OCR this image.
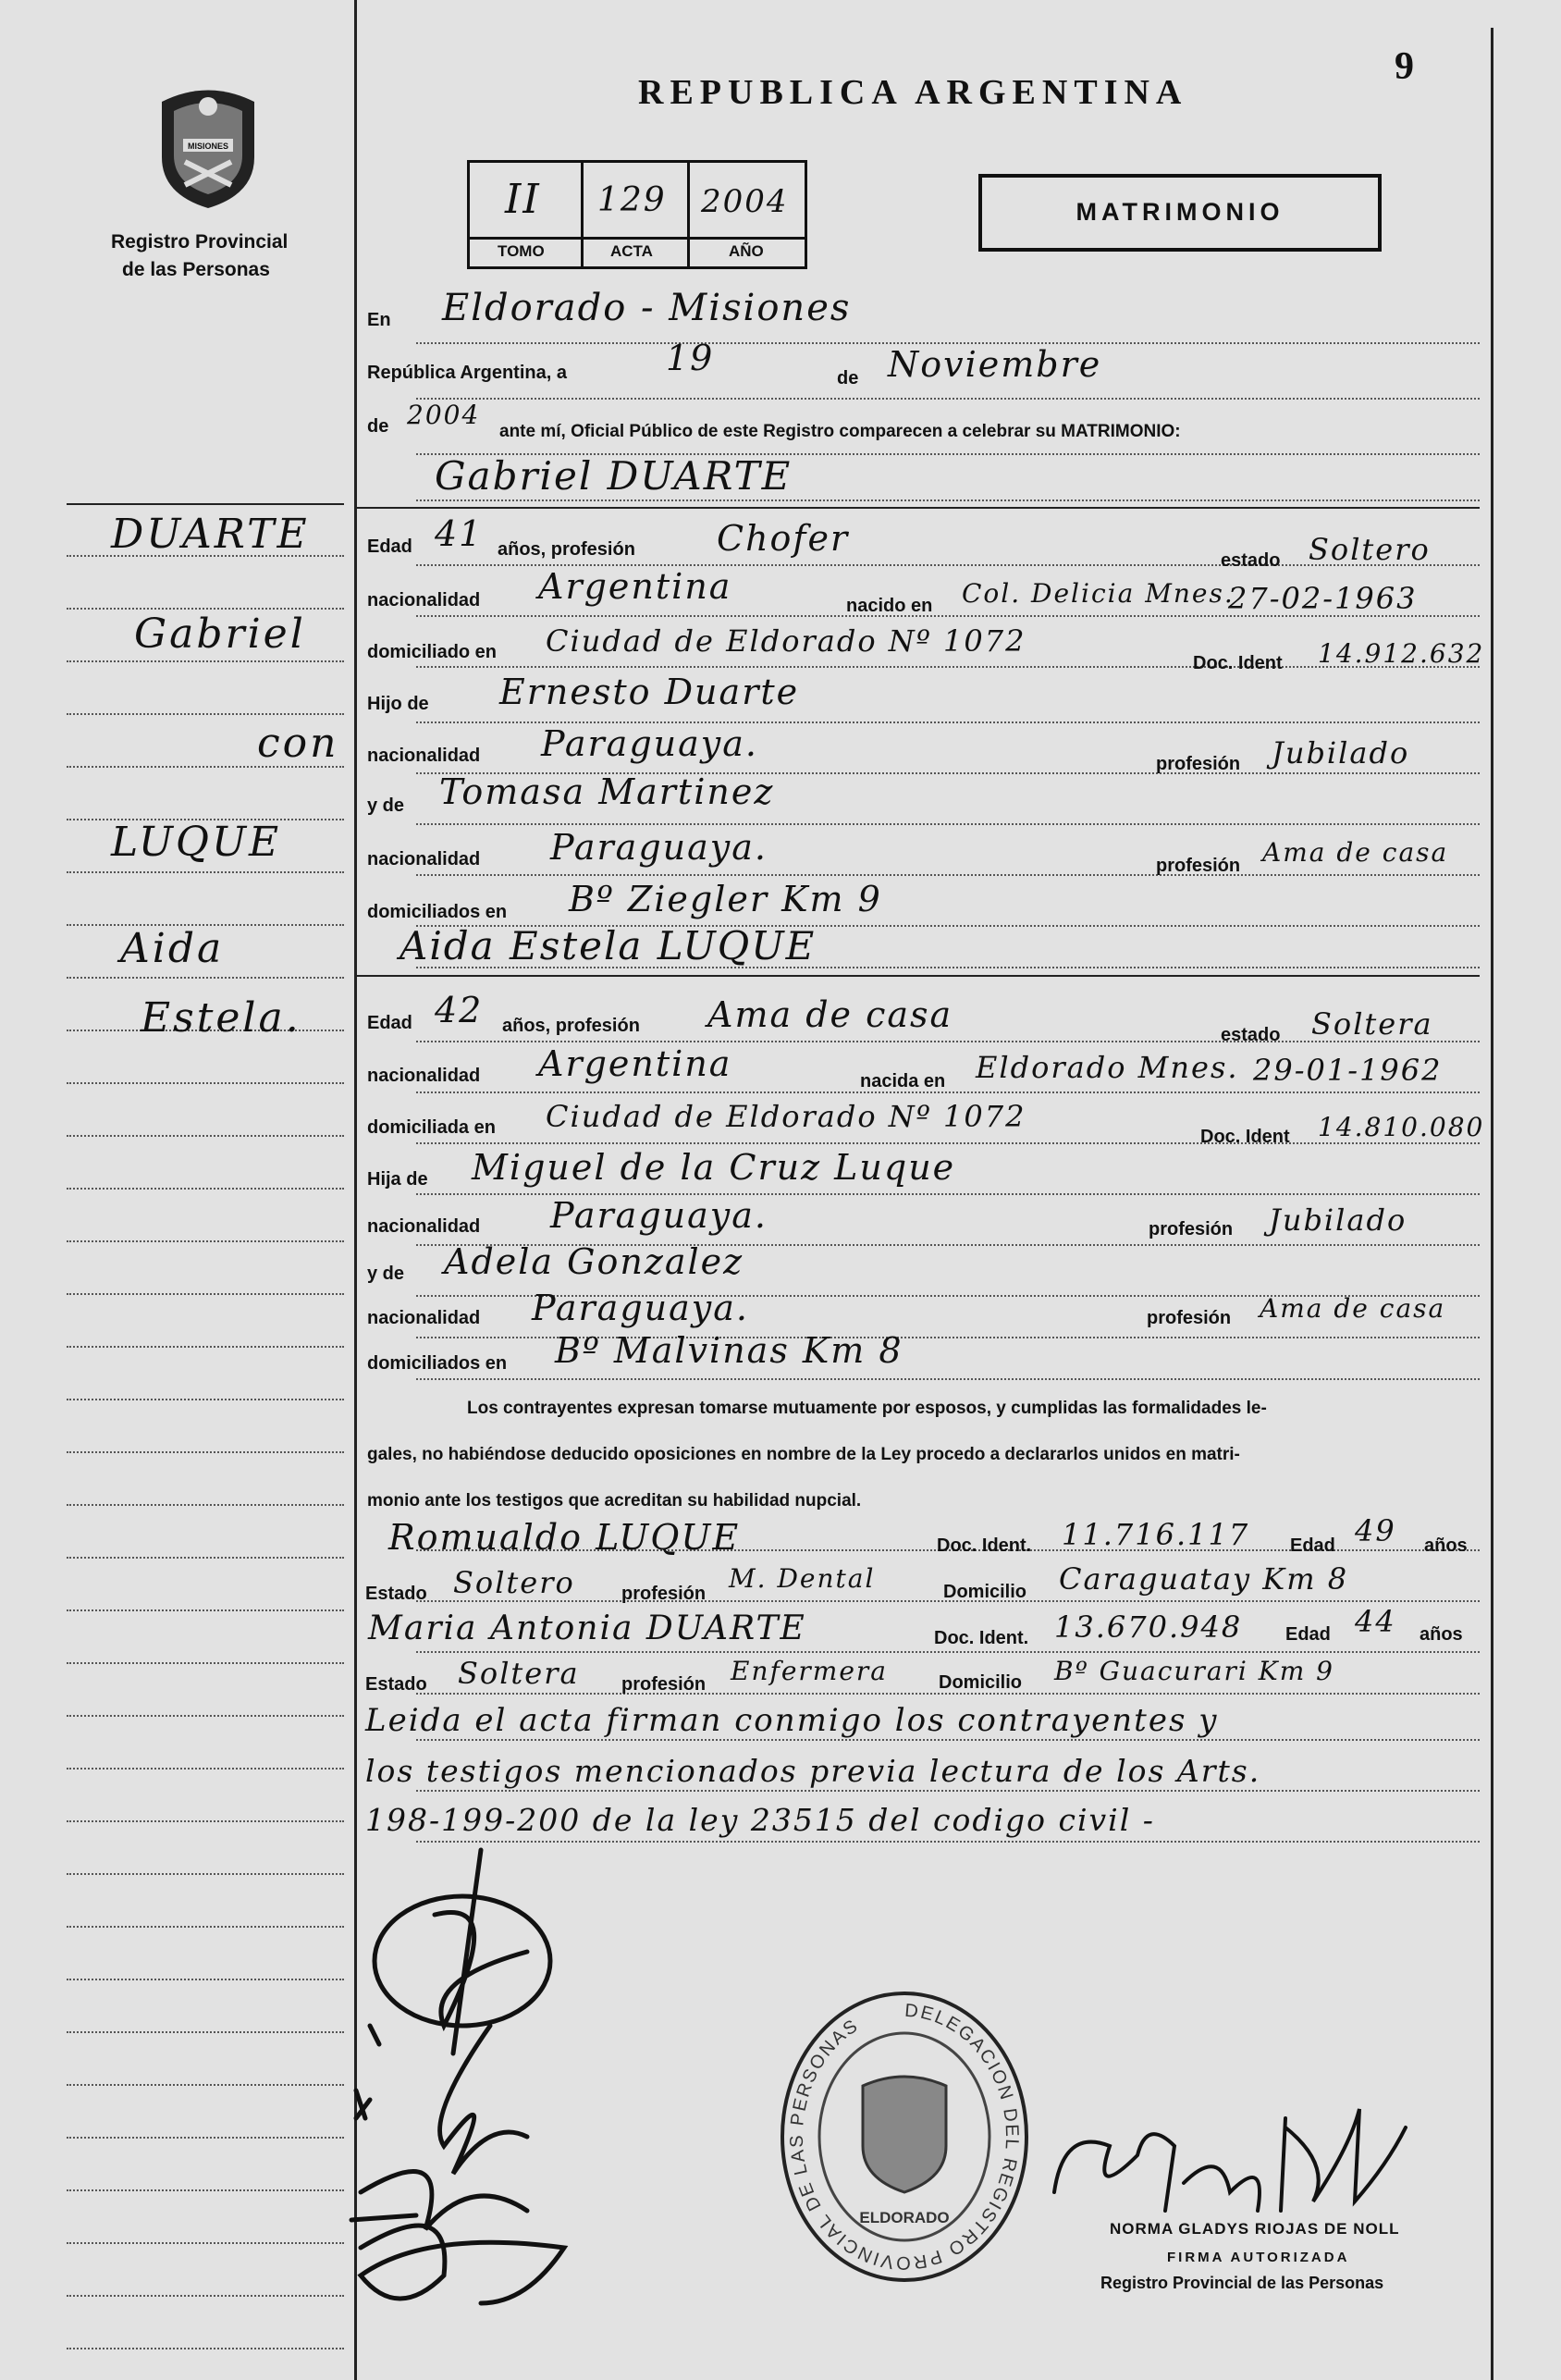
MISIONES
Registro Provincial
de las Personas
REPUBLICA ARGENTINA
9
II 129 2004
TOMO	ACTA	AÑO
MATRIMONIO
En Eldorado - Misiones
República Argentina, a	19	de Noviembre
de 2004
ante mí, Oficial Público de este Registro comparecen a celebrar su MATRIMONIO:
Gabriel DUARTE
DUARTE
Gabriel
con
LUQUE
Aida
Estela.
Edad 41 años, profesión Chofer
estado Soltero
nacionalidad Argentina	nacido en Col. Delicia Mnes.
27-02-1963
domiciliado en Ciudad de Eldorado Nº 1072
Doc. Ident 14.912.632
Hijo de Ernesto Duarte
nacionalidad Paraguaya.	profesión Jubilado
y de Tomasa Martinez
nacionalidad Paraguaya.	profesión Ama de casa
domiciliados en Bº Ziegler Km 9
Aida Estela LUQUE
Edad 42 años, profesión Ama de casa	estado Soltera
nacionalidad Argentina	nacida en Eldorado Mnes. 29-01-1962
domiciliada en Ciudad de Eldorado Nº 1072
Doc. Ident 14.810.080
Hija de Miguel de la Cruz Luque
nacionalidad Paraguaya.	profesión Jubilado
y de Adela Gonzalez
nacionalidad Paraguaya.	profesión Ama de casa
domiciliados en Bº Malvinas Km 8
Los contrayentes expresan tomarse mutuamente por esposos, y cumplidas las formalidades le-
gales, no habiéndose deducido oposiciones en nombre de la Ley procedo a declararlos unidos en matri-
monio ante los testigos que acreditan su habilidad nupcial.
Romualdo LUQUE	Doc. Ident. 11.716.117 Edad 49 años
Estado Soltero	profesión M. Dental	Domicilio Caraguatay Km 8
Maria Antonia DUARTE	Doc. Ident. 13.670.948 Edad 44 años
Estado Soltera profesión Enfermera	Domicilio Bº Guacurari Km 9
Leida el acta firman conmigo los contrayentes y
los testigos mencionados previa lectura de los Arts.
198-199-200 de la ley 23515 del codigo civil -
DELEGACION DEL REGISTRO PROVINCIAL DE LAS PERSONAS
ELDORADO
NORMA GLADYS RIOJAS DE NOLL
FIRMA AUTORIZADA
Registro Provincial de las Personas
